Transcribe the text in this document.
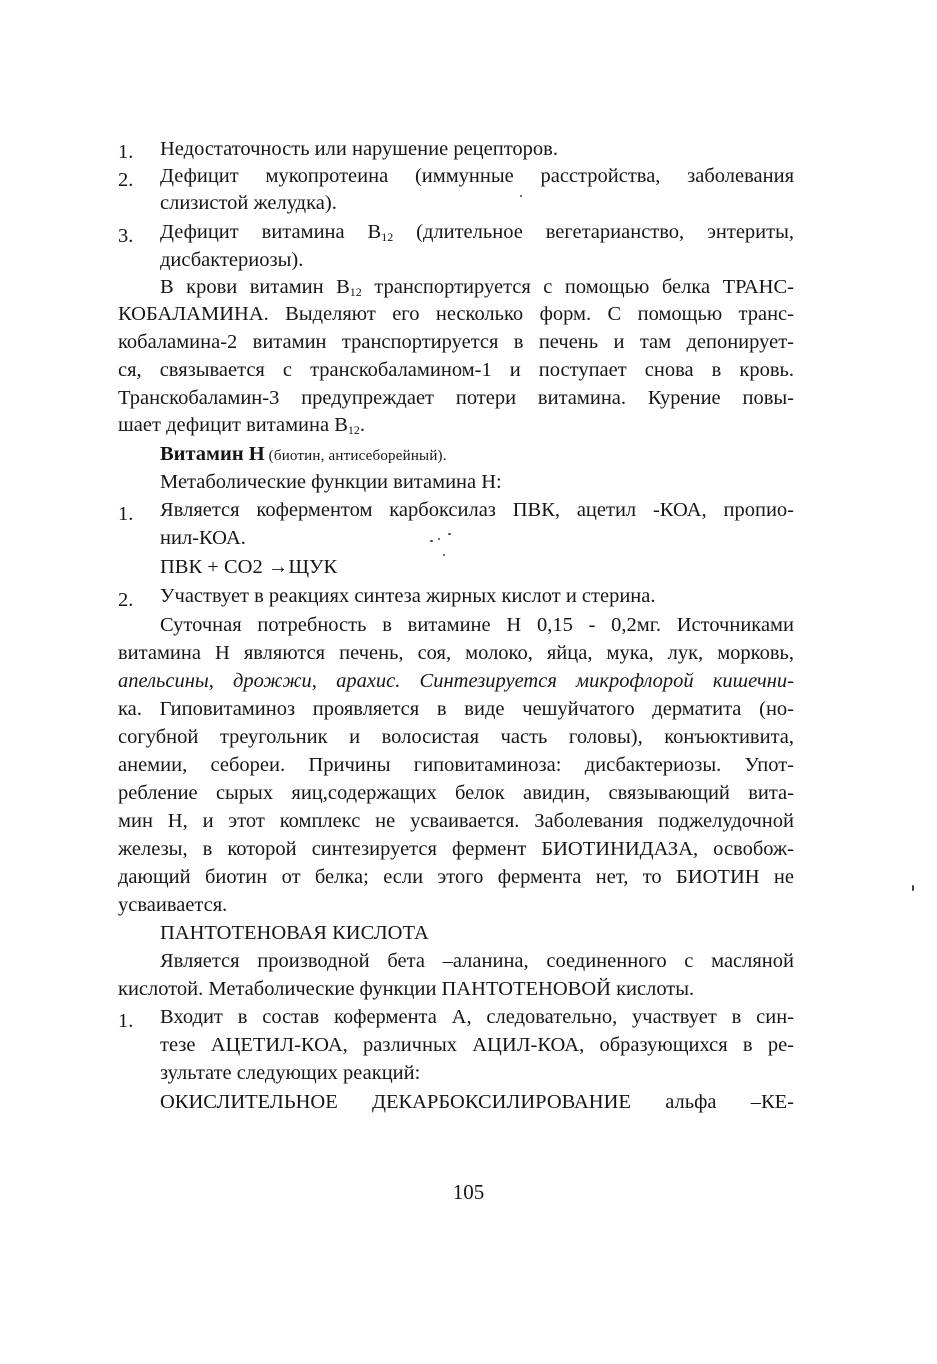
1. Недостаточность или нарушение рецепторов.
2. Дефицит мукопротеина (иммунные расстройства, заболевания
слизистой желудка).
3. Дефицит витамина $В_{12}$ (длительное вегетарианство, энтериты,
дисбактериозы).
В крови витамин $В_{12}$ транспортируется с помощью белка ТРАНС-
КОБАЛАМИНА. Выделяют его несколько форм. С помощью транс-
кобаламина-2 витамин транспортируется в печень и там депонирует-
ся, связывается с транскобаламином-1 и поступает снова в кровь.
Транскобаламин-3 предупреждает потери витамина. Курение повы-
шает дефицит витамина $В_{12}$.
Витамин Н (биотин, антисеборейный).
Метаболические функции витамина Н:
1. Является коферментом карбоксилаз ПВК, ацетил -КОА, пропио-
нил-КОА.
ПВК + СО2 →ЩУК
2. Участвует в реакциях синтеза жирных кислот и стерина.
Суточная потребность в витамине Н 0,15 - 0,2мг. Источниками
витамина Н являются печень, соя, молоко, яйца, мука, лук, морковь,
апельсины, дрожжи, арахис. Синтезируется микрофлорой кишечни-
ка. Гиповитаминоз проявляется в виде чешуйчатого дерматита (но-
согубной треугольник и волосистая часть головы), конъюктивита,
анемии, себореи. Причины гиповитаминоза: дисбактериозы. Упот-
ребление сырых яиц,содержащих белок авидин, связывающий вита-
мин Н, и этот комплекс не усваивается. Заболевания поджелудочной
железы, в которой синтезируется фермент БИОТИНИДАЗА, освобож-
дающий биотин от белка; если этого фермента нет, то БИОТИН не
усваивается.
ПАНТОТЕНОВАЯ КИСЛОТА
Является производной бета –аланина, соединенного с масляной
кислотой. Метаболические функции ПАНТОТЕНОВОЙ кислоты.
1. Входит в состав кофермента А, следовательно, участвует в син-
тезе АЦЕТИЛ-КОА, различных АЦИЛ-КОА, образующихся в ре-
зультате следующих реакций:
ОКИСЛИТЕЛЬНОЕ ДЕКАРБОКСИЛИРОВАНИЕ альфа –КЕ-
105
